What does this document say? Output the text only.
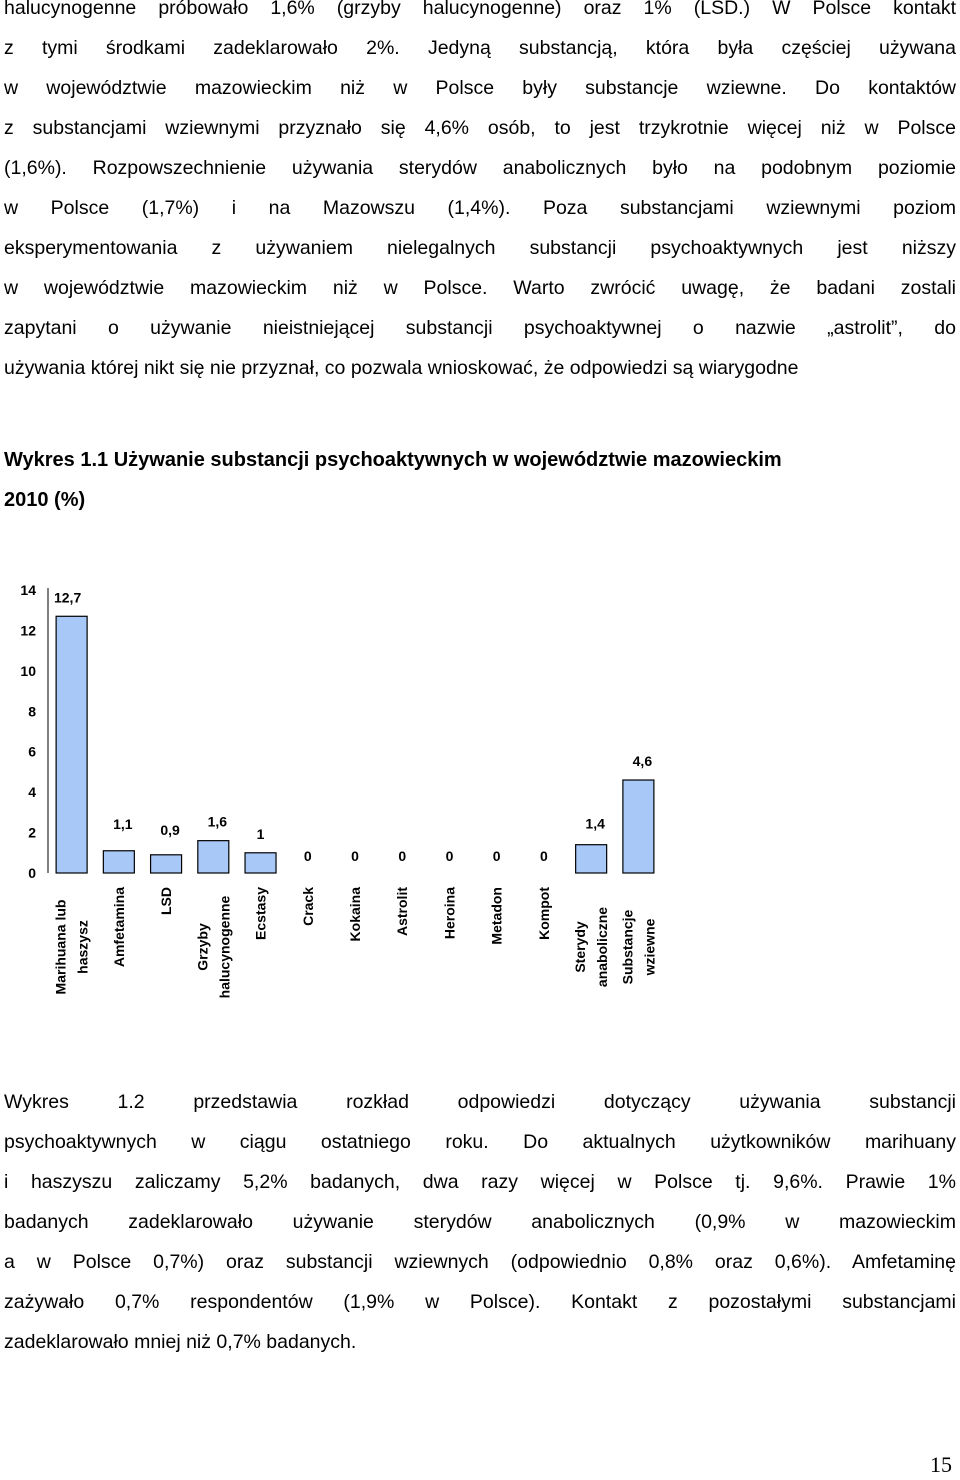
halucynogenne próbowało 1,6% (grzyby halucynogenne) oraz 1% (LSD.) W Polsce kontakt
z tymi środkami zadeklarowało 2%. Jedyną substancją, która była częściej używana
w województwie mazowieckim niż w Polsce były substancje wziewne. Do kontaktów
z substancjami wziewnymi przyznało się 4,6% osób, to jest trzykrotnie więcej niż w Polsce
(1,6%). Rozpowszechnienie używania sterydów anabolicznych było na podobnym poziomie
w Polsce (1,7%) i na Mazowszu (1,4%). Poza substancjami wziewnymi poziom
eksperymentowania z używaniem nielegalnych substancji psychoaktywnych jest niższy
w województwie mazowieckim niż w Polsce. Warto zwrócić uwagę, że badani zostali
zapytani o używanie nieistniejącej substancji psychoaktywnej o nazwie „astrolit”, do
używania której nikt się nie przyznał, co pozwala wnioskować, że odpowiedzi są wiarygodne
Wykres 1.1 Używanie substancji psychoaktywnych w województwie mazowieckim
2010 (%)
0
2
4
6
8
10
12
14 12,7
Marihuana lub haszysz
1,1
Amfetamina
0,9
LSD
1,6
Grzyby halucynogenne
1
Ecstasy
0
Crack
0
Kokaina
0
Astrolit
0
Heroina
0
Metadon
0
Kompot
1,4
Sterydy anaboliczne
4,6
Substancje wziewne
Wykres 1.2 przedstawia rozkład odpowiedzi dotyczący używania substancji
psychoaktywnych w ciągu ostatniego roku. Do aktualnych użytkowników marihuany
i haszyszu zaliczamy 5,2% badanych, dwa razy więcej w Polsce tj. 9,6%. Prawie 1%
badanych zadeklarowało używanie sterydów anabolicznych (0,9% w mazowieckim
a w Polsce 0,7%) oraz substancji wziewnych (odpowiednio 0,8% oraz 0,6%). Amfetaminę
zażywało 0,7% respondentów (1,9% w Polsce). Kontakt z pozostałymi substancjami
zadeklarowało mniej niż 0,7% badanych.
15
